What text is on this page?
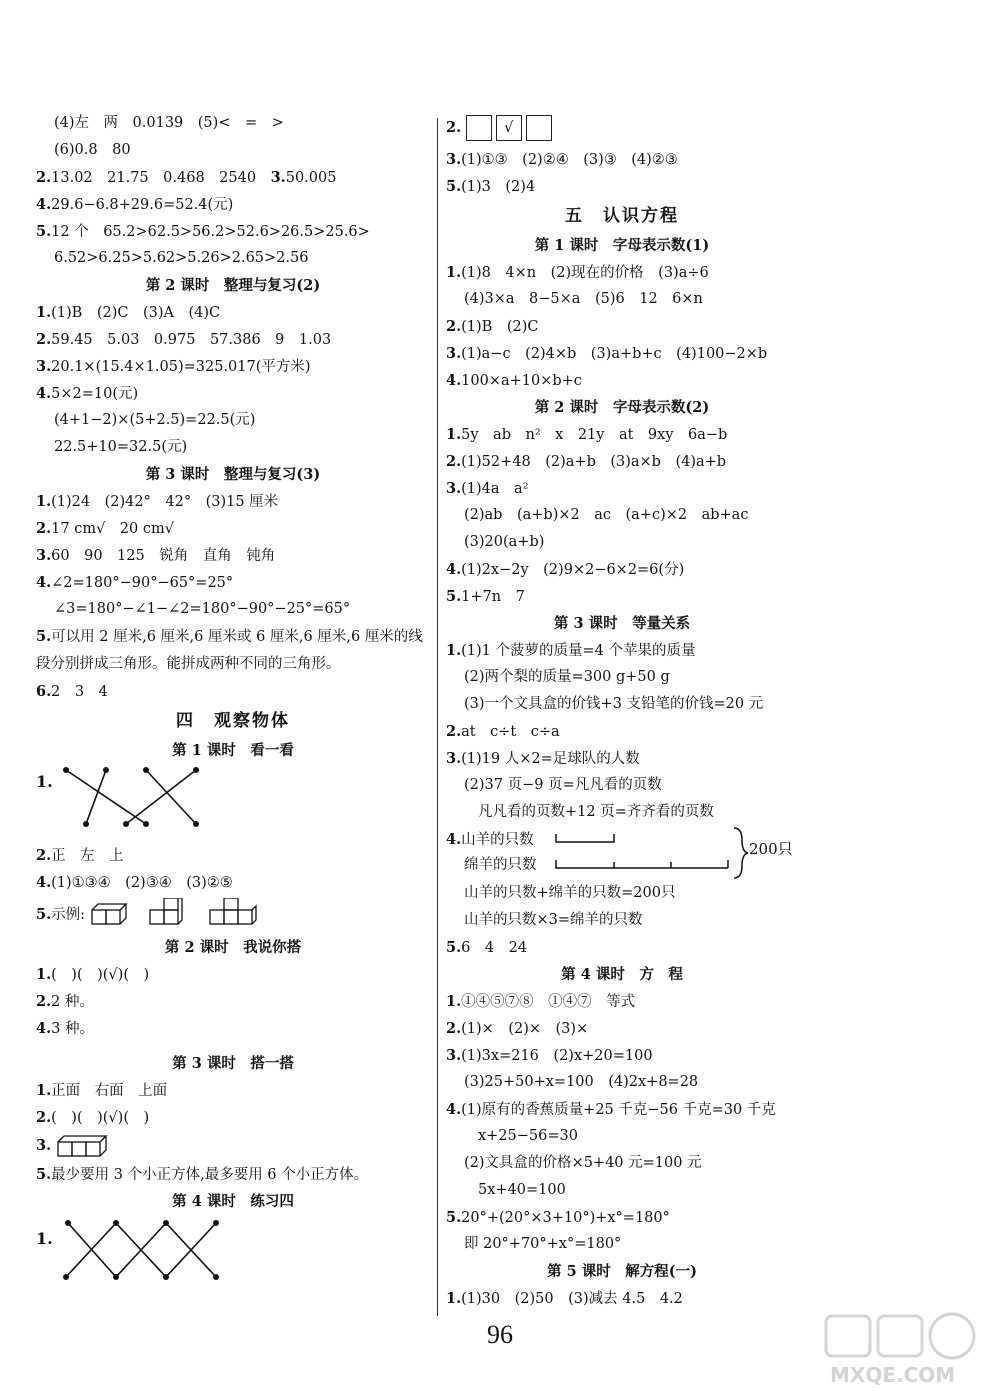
(4)左　两　0.0139　(5)<　=　>
(6)0.8　80
2.13.02　21.75　0.468　2540　3.50.005
4.29.6−6.8+29.6=52.4(元)
5.12 个　65.2>62.5>56.2>52.6>26.5>25.6>
6.52>6.25>5.62>5.26>2.65>2.56
第 2 课时　整理与复习(2)
1.(1)B　(2)C　(3)A　(4)C
2.59.45　5.03　0.975　57.386　9　1.03
3.20.1×(15.4×1.05)=325.017(平方米)
4.5×2=10(元)
(4+1−2)×(5+2.5)=22.5(元)
22.5+10=32.5(元)
第 3 课时　整理与复习(3)
1.(1)24　(2)42°　42°　(3)15 厘米
2.17 cm√　20 cm√
3.60　90　125　锐角　直角　钝角
4.∠2=180°−90°−65°=25°
∠3=180°−∠1−∠2=180°−90°−25°=65°
5.可以用 2 厘米,6 厘米,6 厘米或 6 厘米,6 厘米,6 厘米的线段分别拼成三角形。能拼成两种不同的三角形。
6.2　3　4
四　观察物体
第 1 课时　看一看
1.
2.正　左　上
4.(1)①③④　(2)③④　(3)②⑤
5.示例:
第 2 课时　我说你搭
1.(　)(　)(√)(　)
2.2 种。
4.3 种。
第 3 课时　搭一搭
1.正面　右面　上面
2.(　)(　)(√)(　)
3.
5.最少要用 3 个小正方体,最多要用 6 个小正方体。
第 4 课时　练习四
1.
2.	√
3.(1)①③　(2)②④　(3)③　(4)②③
5.(1)3　(2)4
五　认识方程
第 1 课时　字母表示数(1)
1.(1)8　4×n　(2)现在的价格　(3)a÷6
(4)3×a　8−5×a　(5)6　12　6×n
2.(1)B　(2)C
3.(1)a−c　(2)4×b　(3)a+b+c　(4)100−2×b
4.100×a+10×b+c
第 2 课时　字母表示数(2)
1.5y　ab　n²　x　21y　at　9xy　6a−b
2.(1)52+48　(2)a+b　(3)a×b　(4)a+b
3.(1)4a　a²
(2)ab　(a+b)×2　ac　(a+c)×2　ab+ac
(3)20(a+b)
4.(1)2x−2y　(2)9×2−6×2=6(分)
5.1+7n　7
第 3 课时　等量关系
1.(1)1 个菠萝的质量=4 个苹果的质量
(2)两个梨的质量=300 g+50 g
(3)一个文具盒的价钱+3 支铅笔的价钱=20 元
2.at　c÷t　c÷a
3.(1)19 人×2=足球队的人数
(2)37 页−9 页=凡凡看的页数
凡凡看的页数+12 页=齐齐看的页数
4.山羊的只数
绵羊的只数
200只
山羊的只数+绵羊的只数=200只
山羊的只数×3=绵羊的只数
5.6　4　24
第 4 课时　方　程
1.①④⑤⑦⑧　①④⑦　等式
2.(1)×　(2)×　(3)×
3.(1)3x=216　(2)x+20=100
(3)25+50+x=100　(4)2x+8=28
4.(1)原有的香蕉质量+25 千克−56 千克=30 千克
x+25−56=30
(2)文具盒的价格×5+40 元=100 元
5x+40=100
5.20°+(20°×3+10°)+x°=180°
即 20°+70°+x°=180°
第 5 课时　解方程(一)
1.(1)30　(2)50　(3)减去 4.5　4.2
96
MXQE.COM
